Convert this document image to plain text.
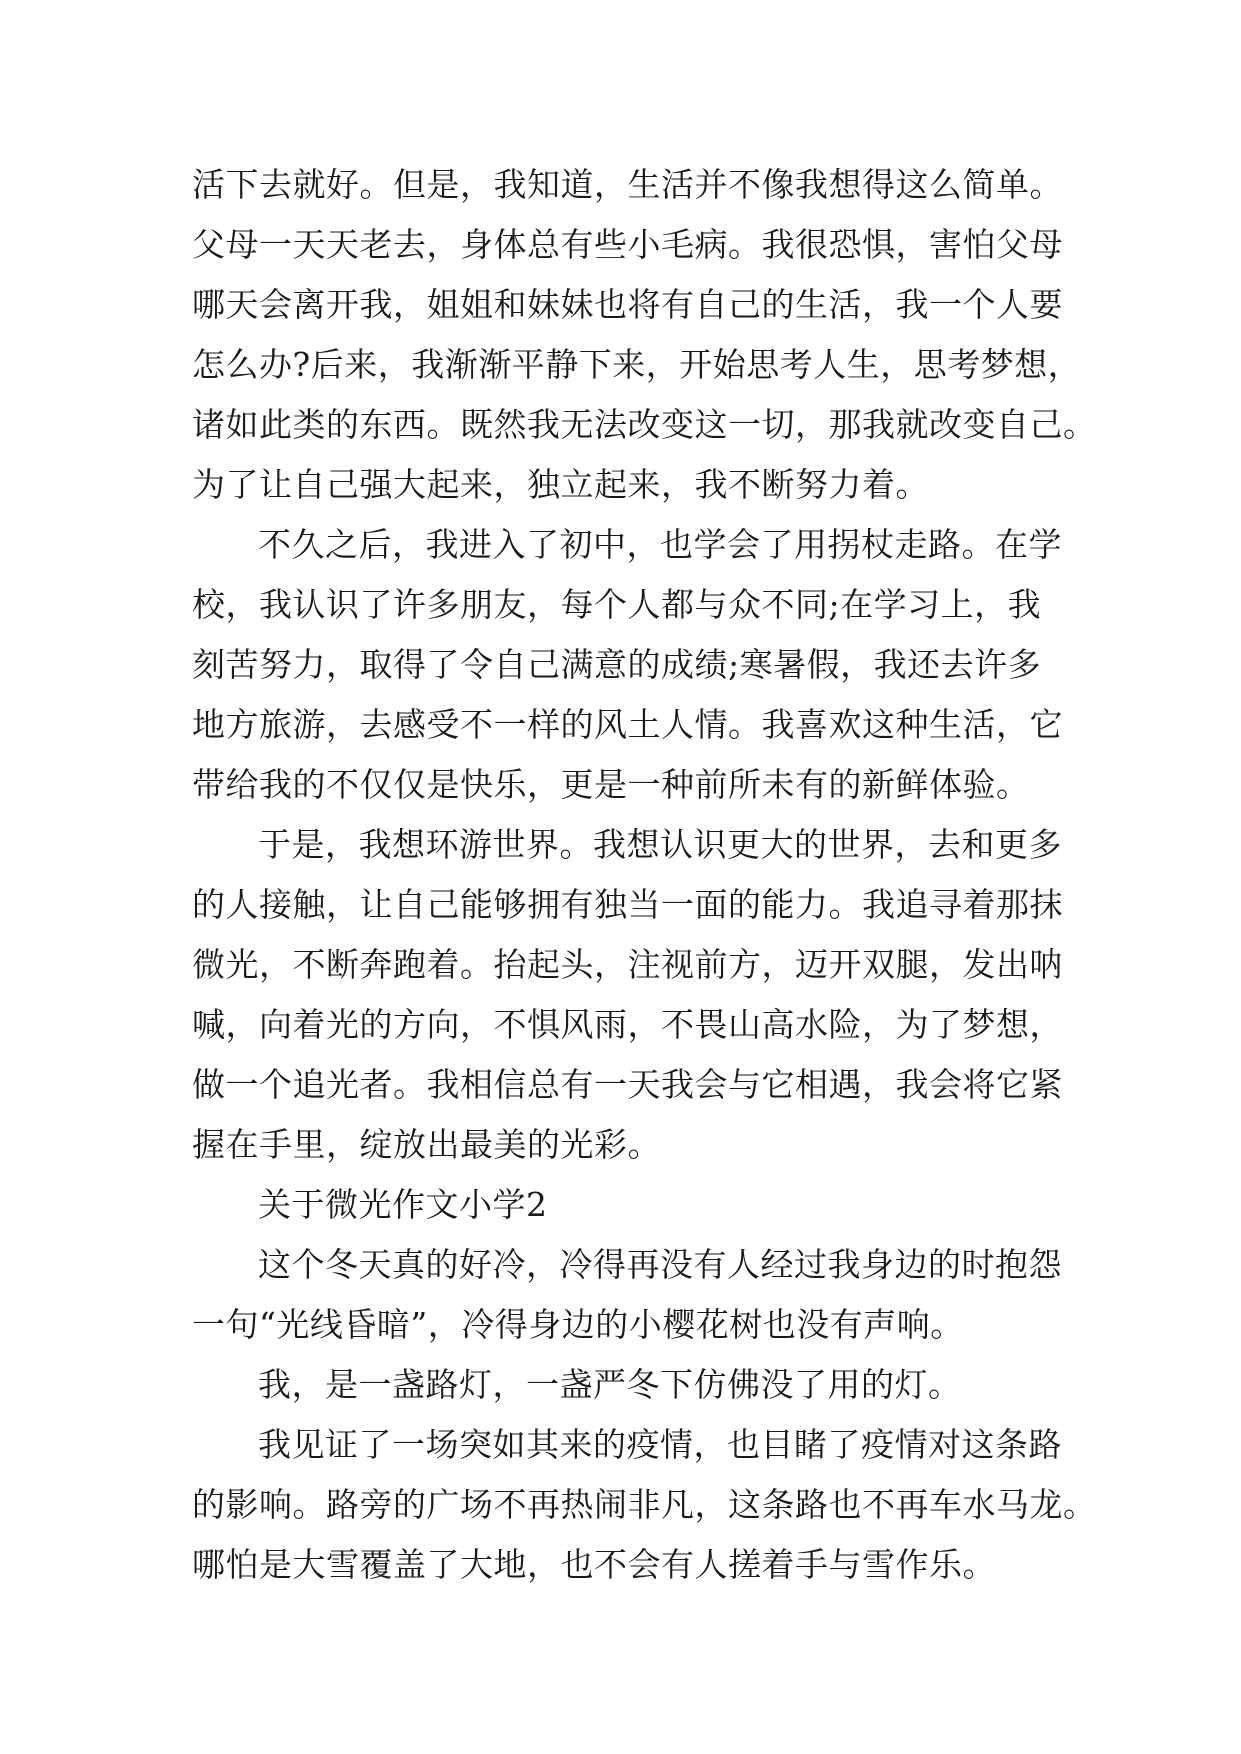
活下去就好。但是，我知道，生活并不像我想得这么简单。
父母一天天老去，身体总有些小毛病。我很恐惧，害怕父母
哪天会离开我，姐姐和妹妹也将有自己的生活，我一个人要
怎么办?后来，我渐渐平静下来，开始思考人生，思考梦想，
诸如此类的东西。既然我无法改变这一切，那我就改变自己。
为了让自己强大起来，独立起来，我不断努力着。
不久之后，我进入了初中，也学会了用拐杖走路。在学
校，我认识了许多朋友，每个人都与众不同;在学习上，我
刻苦努力，取得了令自己满意的成绩;寒暑假，我还去许多
地方旅游，去感受不一样的风土人情。我喜欢这种生活，它
带给我的不仅仅是快乐，更是一种前所未有的新鲜体验。
于是，我想环游世界。我想认识更大的世界，去和更多
的人接触，让自己能够拥有独当一面的能力。我追寻着那抹
微光，不断奔跑着。抬起头，注视前方，迈开双腿，发出呐
喊，向着光的方向，不惧风雨，不畏山高水险，为了梦想，
做一个追光者。我相信总有一天我会与它相遇，我会将它紧
握在手里，绽放出最美的光彩。
关于微光作文小学2
这个冬天真的好冷，冷得再没有人经过我身边的时抱怨
一句“光线昏暗”，冷得身边的小樱花树也没有声响。
我，是一盏路灯，一盏严冬下仿佛没了用的灯。
我见证了一场突如其来的疫情，也目睹了疫情对这条路
的影响。路旁的广场不再热闹非凡，这条路也不再车水马龙。
哪怕是大雪覆盖了大地，也不会有人搓着手与雪作乐。
